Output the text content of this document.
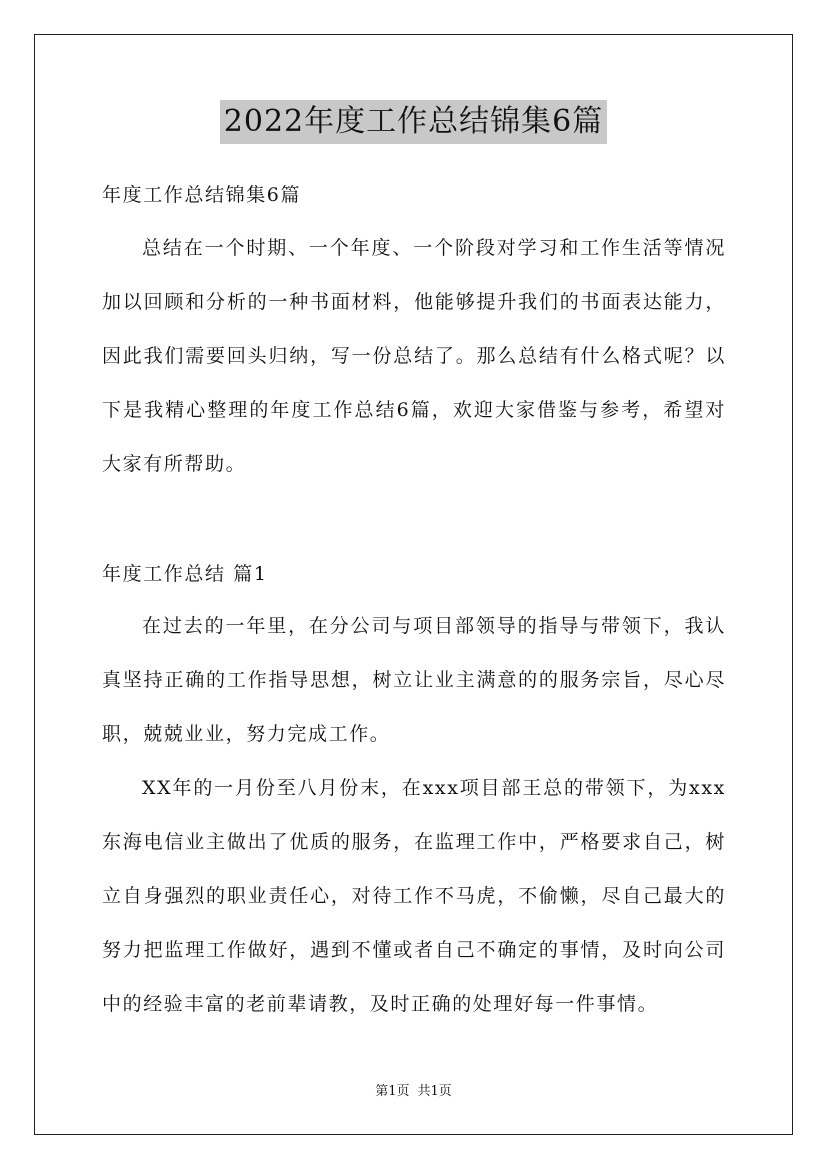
2022年度工作总结锦集6篇
年度工作总结锦集6篇
总结在一个时期、一个年度、一个阶段对学习和工作生活等情况加以回顾和分析的一种书面材料，他能够提升我们的书面表达能力，因此我们需要回头归纳，写一份总结了。那么总结有什么格式呢？以下是我精心整理的年度工作总结6篇，欢迎大家借鉴与参考，希望对大家有所帮助。
年度工作总结 篇1
在过去的一年里，在分公司与项目部领导的指导与带领下，我认真坚持正确的工作指导思想，树立让业主满意的的服务宗旨，尽心尽职，兢兢业业，努力完成工作。
XX年的一月份至八月份末，在xxx项目部王总的带领下，为xxx东海电信业主做出了优质的服务，在监理工作中，严格要求自己，树立自身强烈的职业责任心，对待工作不马虎，不偷懒，尽自己最大的努力把监理工作做好，遇到不懂或者自己不确定的事情，及时向公司中的经验丰富的老前辈请教，及时正确的处理好每一件事情。
第1页 共1页
